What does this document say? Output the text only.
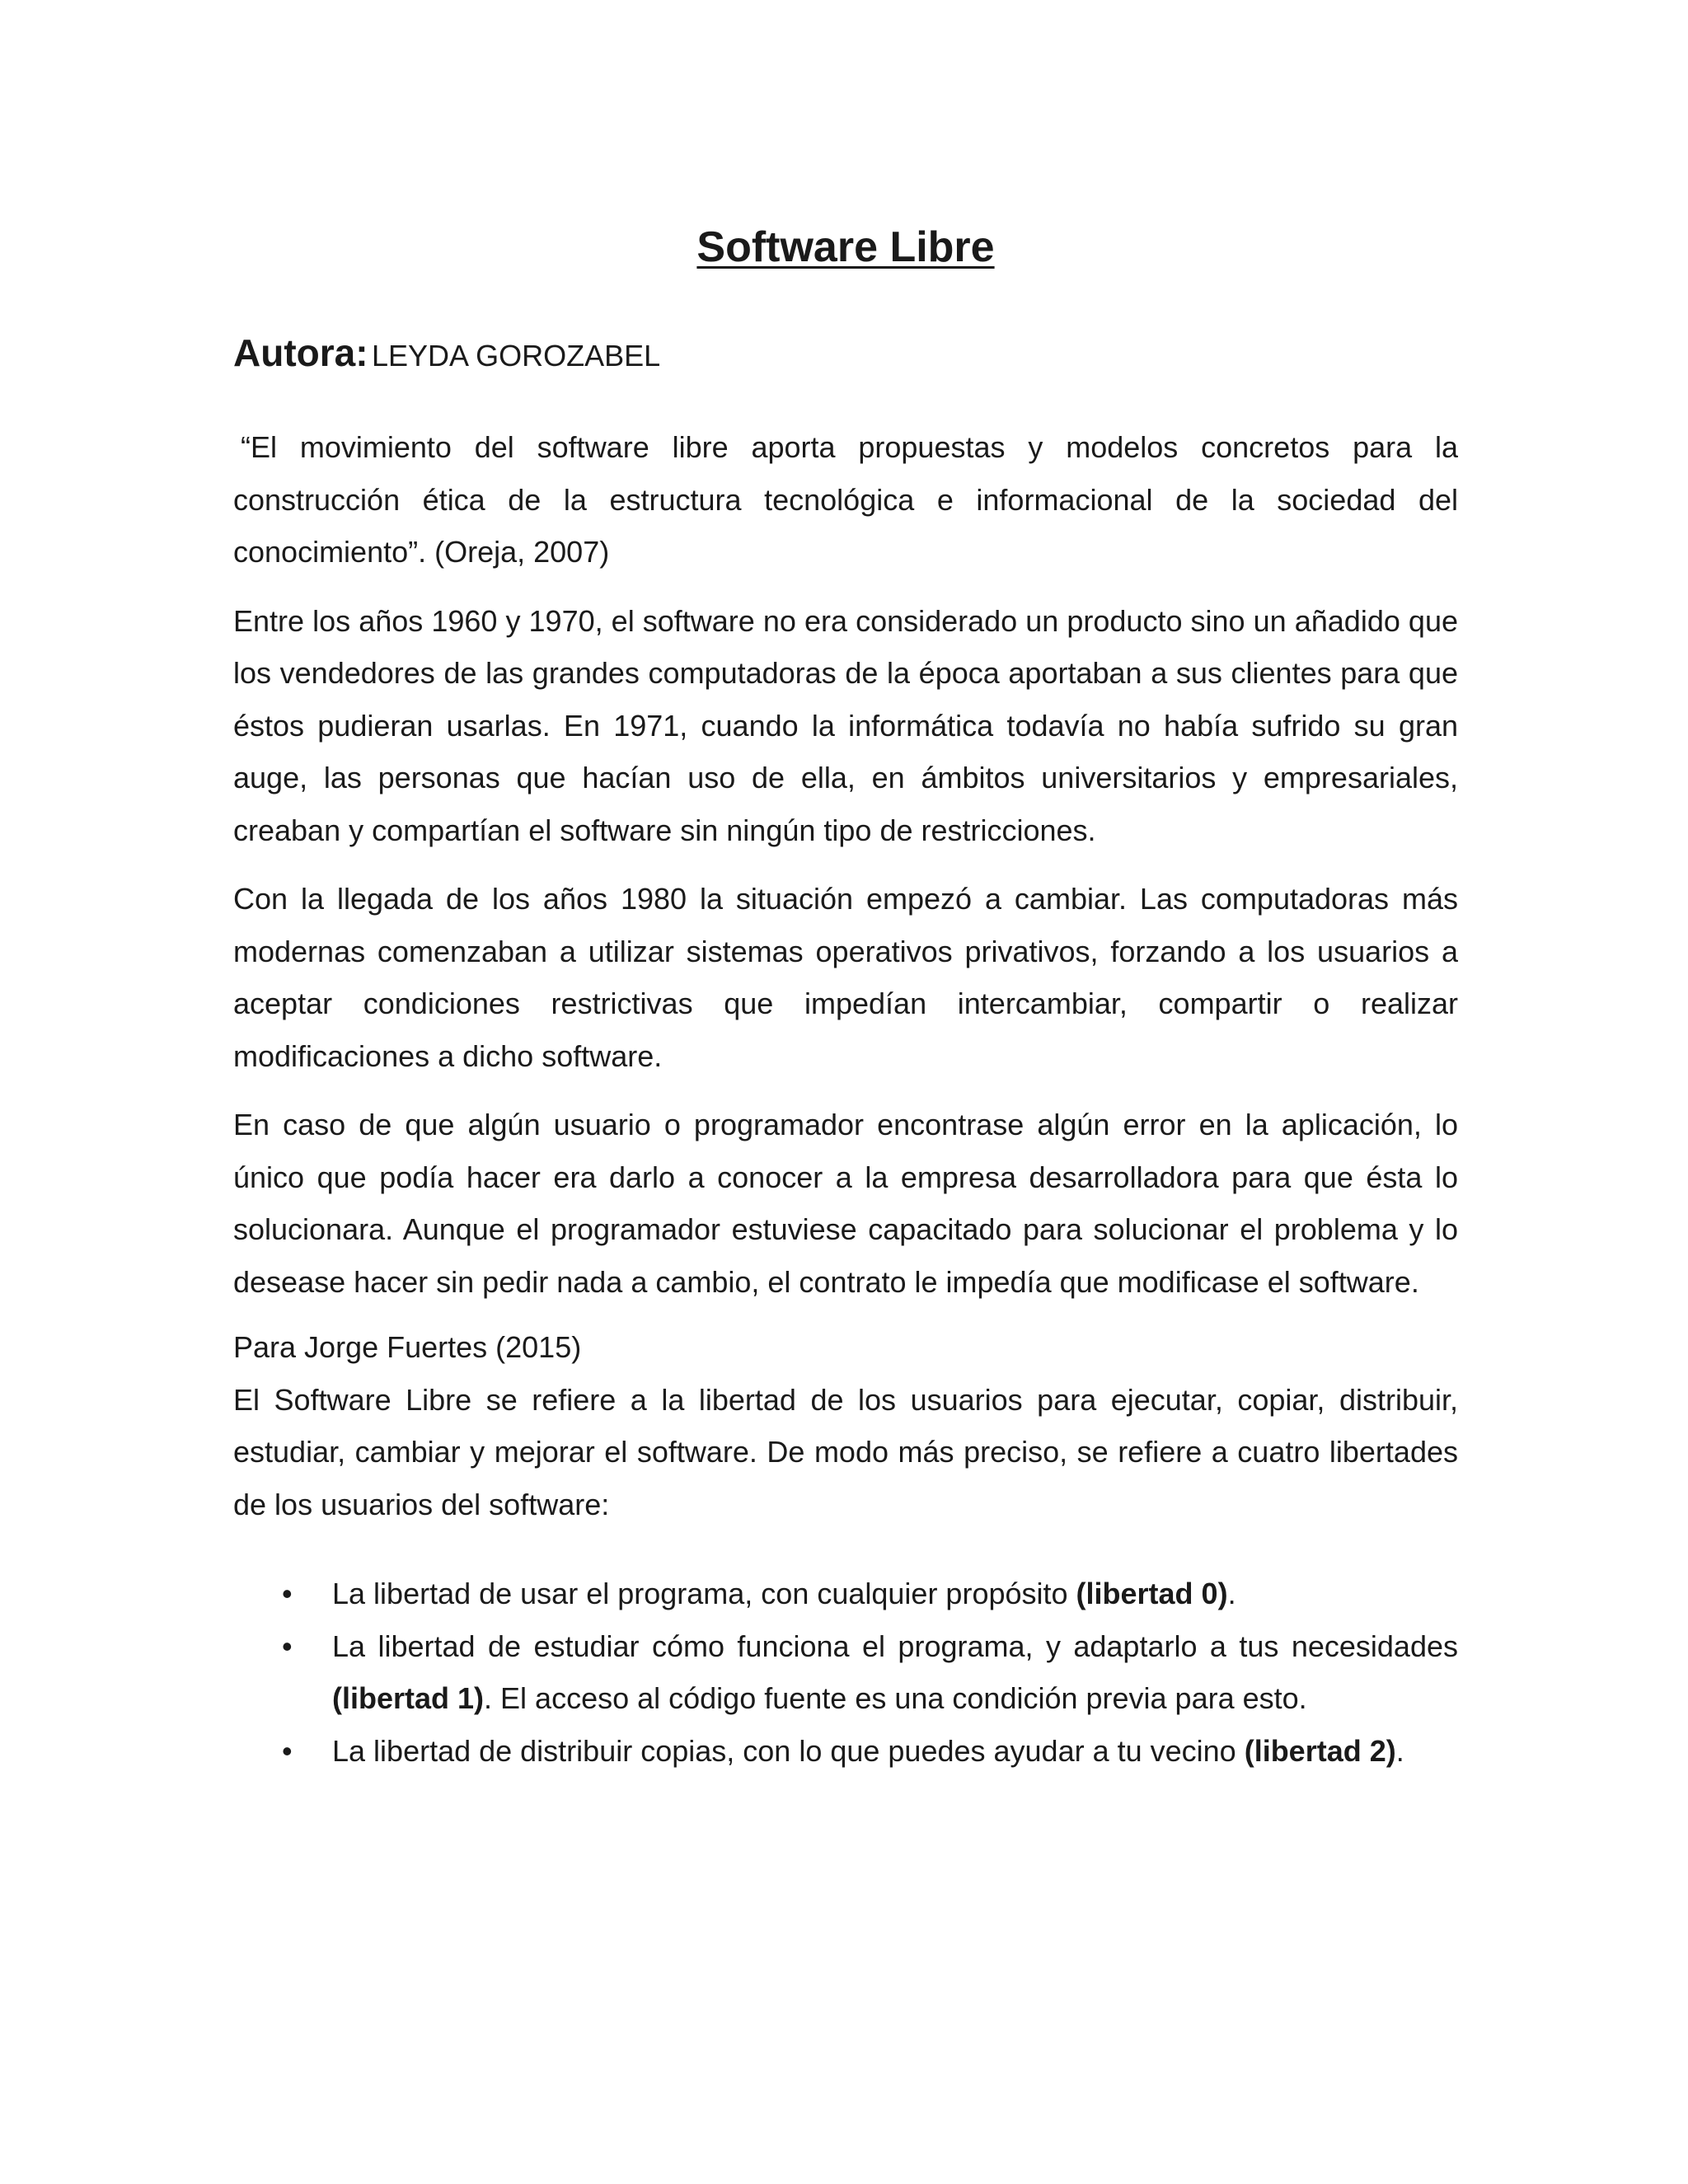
Software Libre
Autora: LEYDA GOROZABEL

“El movimiento del software libre aporta propuestas y modelos concretos para la construcción ética de la estructura tecnológica e informacional de la sociedad del conocimiento”. (Oreja, 2007)

Entre los años 1960 y 1970, el software no era considerado un producto sino un añadido que los vendedores de las grandes computadoras de la época aportaban a sus clientes para que éstos pudieran usarlas. En 1971, cuando la informática todavía no había sufrido su gran auge, las personas que hacían uso de ella, en ámbitos universitarios y empresariales, creaban y compartían el software sin ningún tipo de restricciones.

Con la llegada de los años 1980 la situación empezó a cambiar. Las computadoras más modernas comenzaban a utilizar sistemas operativos privativos, forzando a los usuarios a aceptar condiciones restrictivas que impedían intercambiar, compartir o realizar modificaciones a dicho software.

En caso de que algún usuario o programador encontrase algún error en la aplicación, lo único que podía hacer era darlo a conocer a la empresa desarrolladora para que ésta lo solucionara. Aunque el programador estuviese capacitado para solucionar el problema y lo desease hacer sin pedir nada a cambio, el contrato le impedía que modificase el software.

Para Jorge Fuertes (2015)

El Software Libre se refiere a la libertad de los usuarios para ejecutar, copiar, distribuir, estudiar, cambiar y mejorar el software. De modo más preciso, se refiere a cuatro libertades de los usuarios del software:

• La libertad de usar el programa, con cualquier propósito (libertad 0).
• La libertad de estudiar cómo funciona el programa, y adaptarlo a tus necesidades (libertad 1). El acceso al código fuente es una condición previa para esto.
• La libertad de distribuir copias, con lo que puedes ayudar a tu vecino (libertad 2).
